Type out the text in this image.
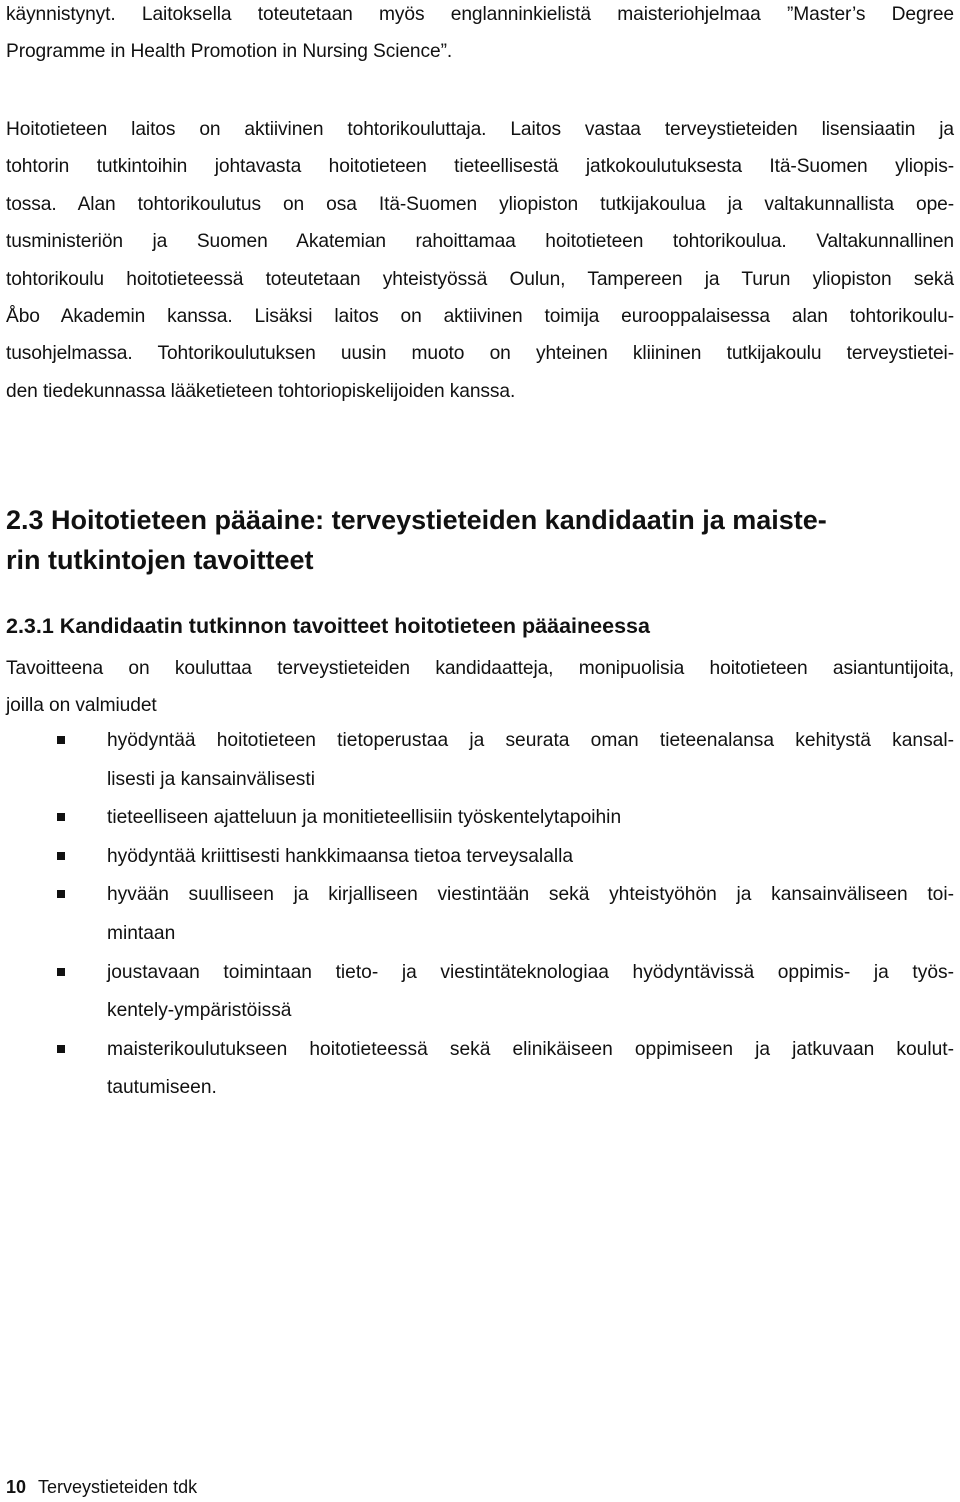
käynnistynyt. Laitoksella toteutetaan myös englanninkielistä maisteriohjelmaa ”Master’s Degree
Programme in Health Promotion in Nursing Science”.

Hoitotieteen laitos on aktiivinen tohtorikouluttaja. Laitos vastaa terveystieteiden lisensiaatin ja
tohtorin tutkintoihin johtavasta hoitotieteen tieteellisestä jatkokoulutuksesta Itä-Suomen yliopis-
tossa. Alan tohtorikoulutus on osa Itä-Suomen yliopiston tutkijakoulua ja valtakunnallista ope-
tusministeriön ja Suomen Akatemian rahoittamaa hoitotieteen tohtorikoulua. Valtakunnallinen
tohtorikoulu hoitotieteessä toteutetaan yhteistyössä Oulun, Tampereen ja Turun yliopiston sekä
Åbo Akademin kanssa. Lisäksi laitos on aktiivinen toimija eurooppalaisessa alan tohtorikoulu-
tusohjelmassa. Tohtorikoulutuksen uusin muoto on yhteinen kliininen tutkijakoulu terveystietei-
den tiedekunnassa lääketieteen tohtoriopiskelijoiden kanssa.

2.3 Hoitotieteen pääaine: terveystieteiden kandidaatin ja maiste-
rin tutkintojen tavoitteet
2.3.1 Kandidaatin tutkinnon tavoitteet hoitotieteen pääaineessa

Tavoitteena on kouluttaa terveystieteiden kandidaatteja, monipuolisia hoitotieteen asiantuntijoita,
joilla on valmiudet

hyödyntää hoitotieteen tietoperustaa ja seurata oman tieteenalansa kehitystä kansal-
lisesti ja kansainvälisesti
tieteelliseen ajatteluun ja monitieteellisiin työskentelytapoihin
hyödyntää kriittisesti hankkimaansa tietoa terveysalalla
hyvään suulliseen ja kirjalliseen viestintään sekä yhteistyöhön ja kansainväliseen toi-
mintaan
joustavaan toimintaan tieto- ja viestintäteknologiaa hyödyntävissä oppimis- ja työs-
kentely-ympäristöissä
maisterikoulutukseen hoitotieteessä sekä elinikäiseen oppimiseen ja jatkuvaan koulut-
tautumiseen.
10 Terveystieteiden tdk
